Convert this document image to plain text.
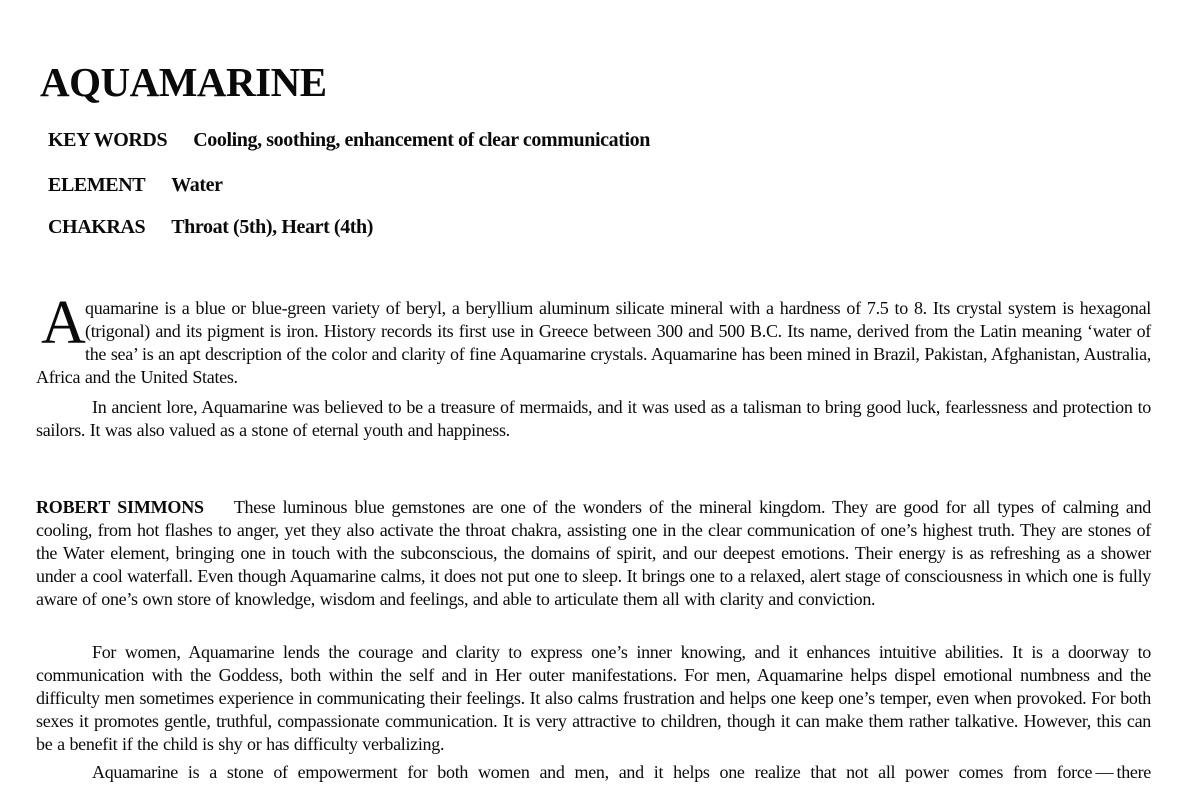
AQUAMARINE
KEY WORDS Cooling, soothing, enhancement of clear communication
ELEMENT Water
CHAKRAS Throat (5th), Heart (4th)

Aquamarine is a blue or blue-green variety of beryl, a beryllium aluminum silicate mineral with a hardness of 7.5 to 8. Its crystal system is hexagonal (trigonal) and its pigment is iron. History records its first use in Greece between 300 and 500 B.C. Its name, derived from the Latin meaning ‘water of the sea’ is an apt description of the color and clarity of fine Aquamarine crystals. Aquamarine has been mined in Brazil, Pakistan, Afghanistan, Australia, Africa and the United States.

In ancient lore, Aquamarine was believed to be a treasure of mermaids, and it was used as a talisman to bring good luck, fearlessness and protection to sailors. It was also valued as a stone of eternal youth and happiness.

ROBERT SIMMONS These luminous blue gemstones are one of the wonders of the mineral kingdom. They are good for all types of calming and cooling, from hot flashes to anger, yet they also activate the throat chakra, assisting one in the clear communication of one’s highest truth. They are stones of the Water element, bringing one in touch with the subconscious, the domains of spirit, and our deepest emotions. Their energy is as refreshing as a shower under a cool waterfall. Even though Aquamarine calms, it does not put one to sleep. It brings one to a relaxed, alert stage of consciousness in which one is fully aware of one’s own store of knowledge, wisdom and feelings, and able to articulate them all with clarity and conviction.

For women, Aquamarine lends the courage and clarity to express one’s inner knowing, and it enhances intuitive abilities. It is a doorway to communication with the Goddess, both within the self and in Her outer manifestations. For men, Aquamarine helps dispel emotional numbness and the difficulty men sometimes experience in communicating their feelings. It also calms frustration and helps one keep one’s temper, even when provoked. For both sexes it promotes gentle, truthful, compassionate communication. It is very attractive to children, though it can make them rather talkative. However, this can be a benefit if the child is shy or has difficulty verbalizing.

Aquamarine is a stone of empowerment for both women and men, and it helps one realize that not all power comes from force — there
